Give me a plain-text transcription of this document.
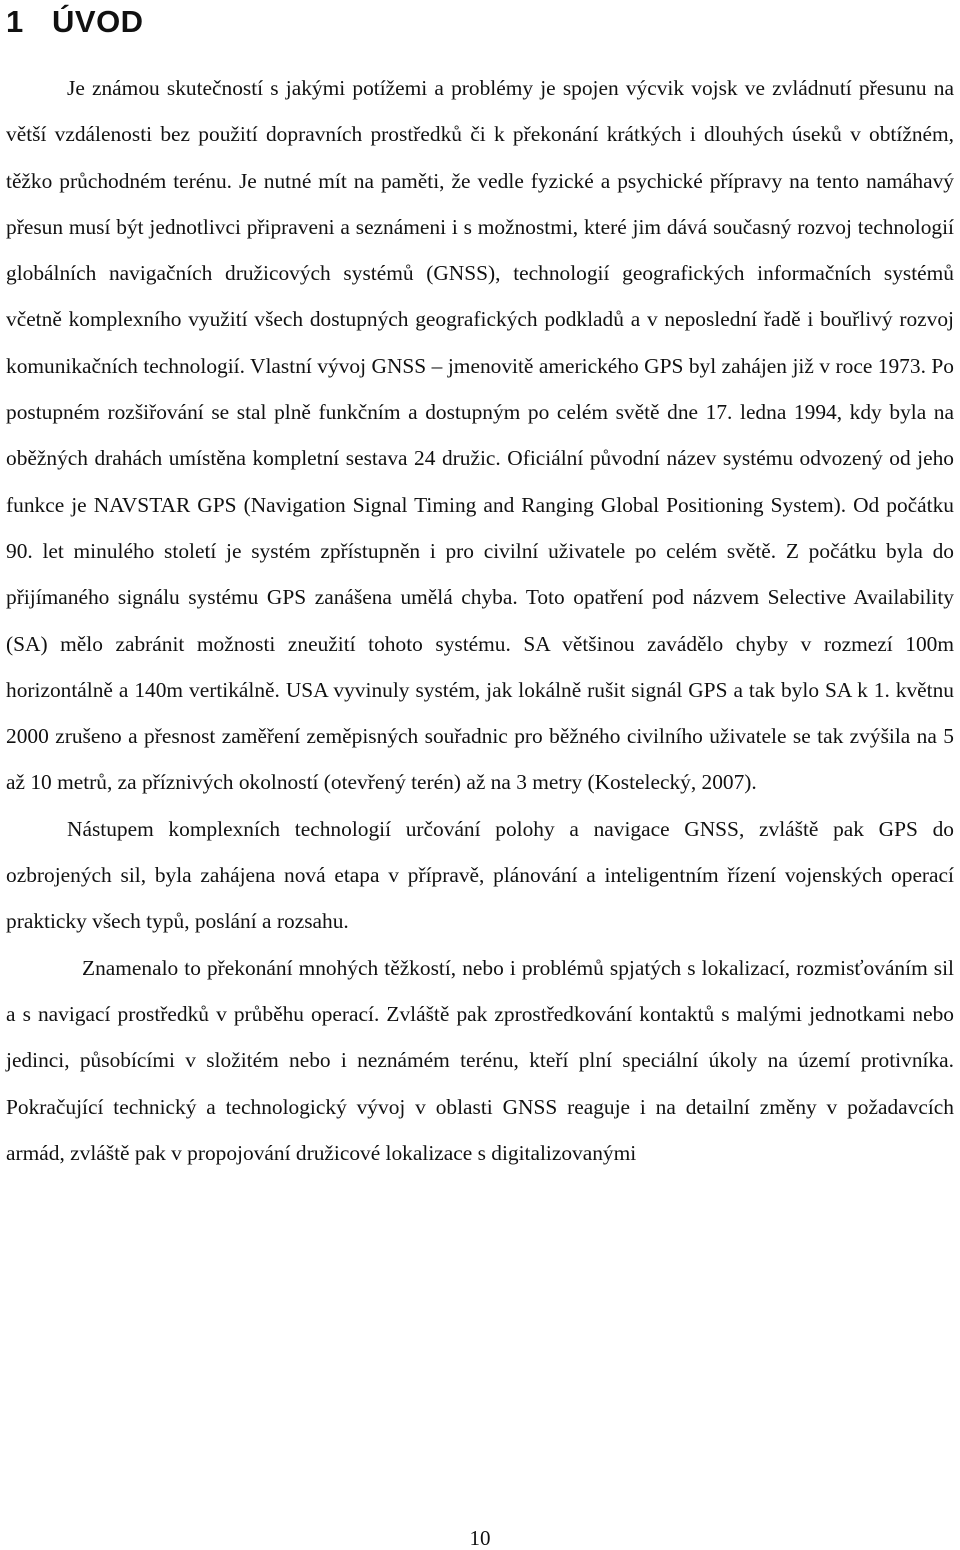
1 ÚVOD

Je známou skutečností s jakými potížemi a problémy je spojen výcvik vojsk ve zvládnutí přesunu na větší vzdálenosti bez použití dopravních prostředků či k překonání krátkých i dlouhých úseků v obtížném, těžko průchodném terénu. Je nutné mít na paměti, že vedle fyzické a psychické přípravy na tento namáhavý přesun musí být jednotlivci připraveni a seznámeni i s možnostmi, které jim dává současný rozvoj technologií globálních navigačních družicových systémů (GNSS), technologií geografických informačních systémů včetně komplexního využití všech dostupných geografických podkladů a v neposlední řadě i bouřlivý rozvoj komunikačních technologií. Vlastní vývoj GNSS – jmenovitě amerického GPS byl zahájen již v roce 1973. Po postupném rozšiřování se stal plně funkčním a dostupným po celém světě dne 17. ledna 1994, kdy byla na oběžných drahách umístěna kompletní sestava 24 družic. Oficiální původní název systému odvozený od jeho funkce je NAVSTAR GPS (Navigation Signal Timing and Ranging Global Positioning System). Od počátku 90. let minulého století je systém zpřístupněn i pro civilní uživatele po celém světě. Z počátku byla do přijímaného signálu systému GPS zanášena umělá chyba. Toto opatření pod názvem Selective Availability (SA) mělo zabránit možnosti zneužití tohoto systému. SA většinou zavádělo chyby v rozmezí 100m horizontálně a 140m vertikálně. USA vyvinuly systém, jak lokálně rušit signál GPS a tak bylo SA k 1. květnu 2000 zrušeno a přesnost zaměření zeměpisných souřadnic pro běžného civilního uživatele se tak zvýšila na 5 až 10 metrů, za příznivých okolností (otevřený terén) až na 3 metry (Kostelecký, 2007).

Nástupem komplexních technologií určování polohy a navigace GNSS, zvláště pak GPS do ozbrojených sil, byla zahájena nová etapa v přípravě, plánování a inteligentním řízení vojenských operací prakticky všech typů, poslání a rozsahu.

Znamenalo to překonání mnohých těžkostí, nebo i problémů spjatých s lokalizací, rozmisťováním sil a s navigací prostředků v průběhu operací. Zvláště pak zprostředkování kontaktů s malými jednotkami nebo jedinci, působícími v složitém nebo i neznámém terénu, kteří plní speciální úkoly na území protivníka. Pokračující technický a technologický vývoj v oblasti GNSS reaguje i na detailní změny v požadavcích armád, zvláště pak v propojování družicové lokalizace s digitalizovanými

10
